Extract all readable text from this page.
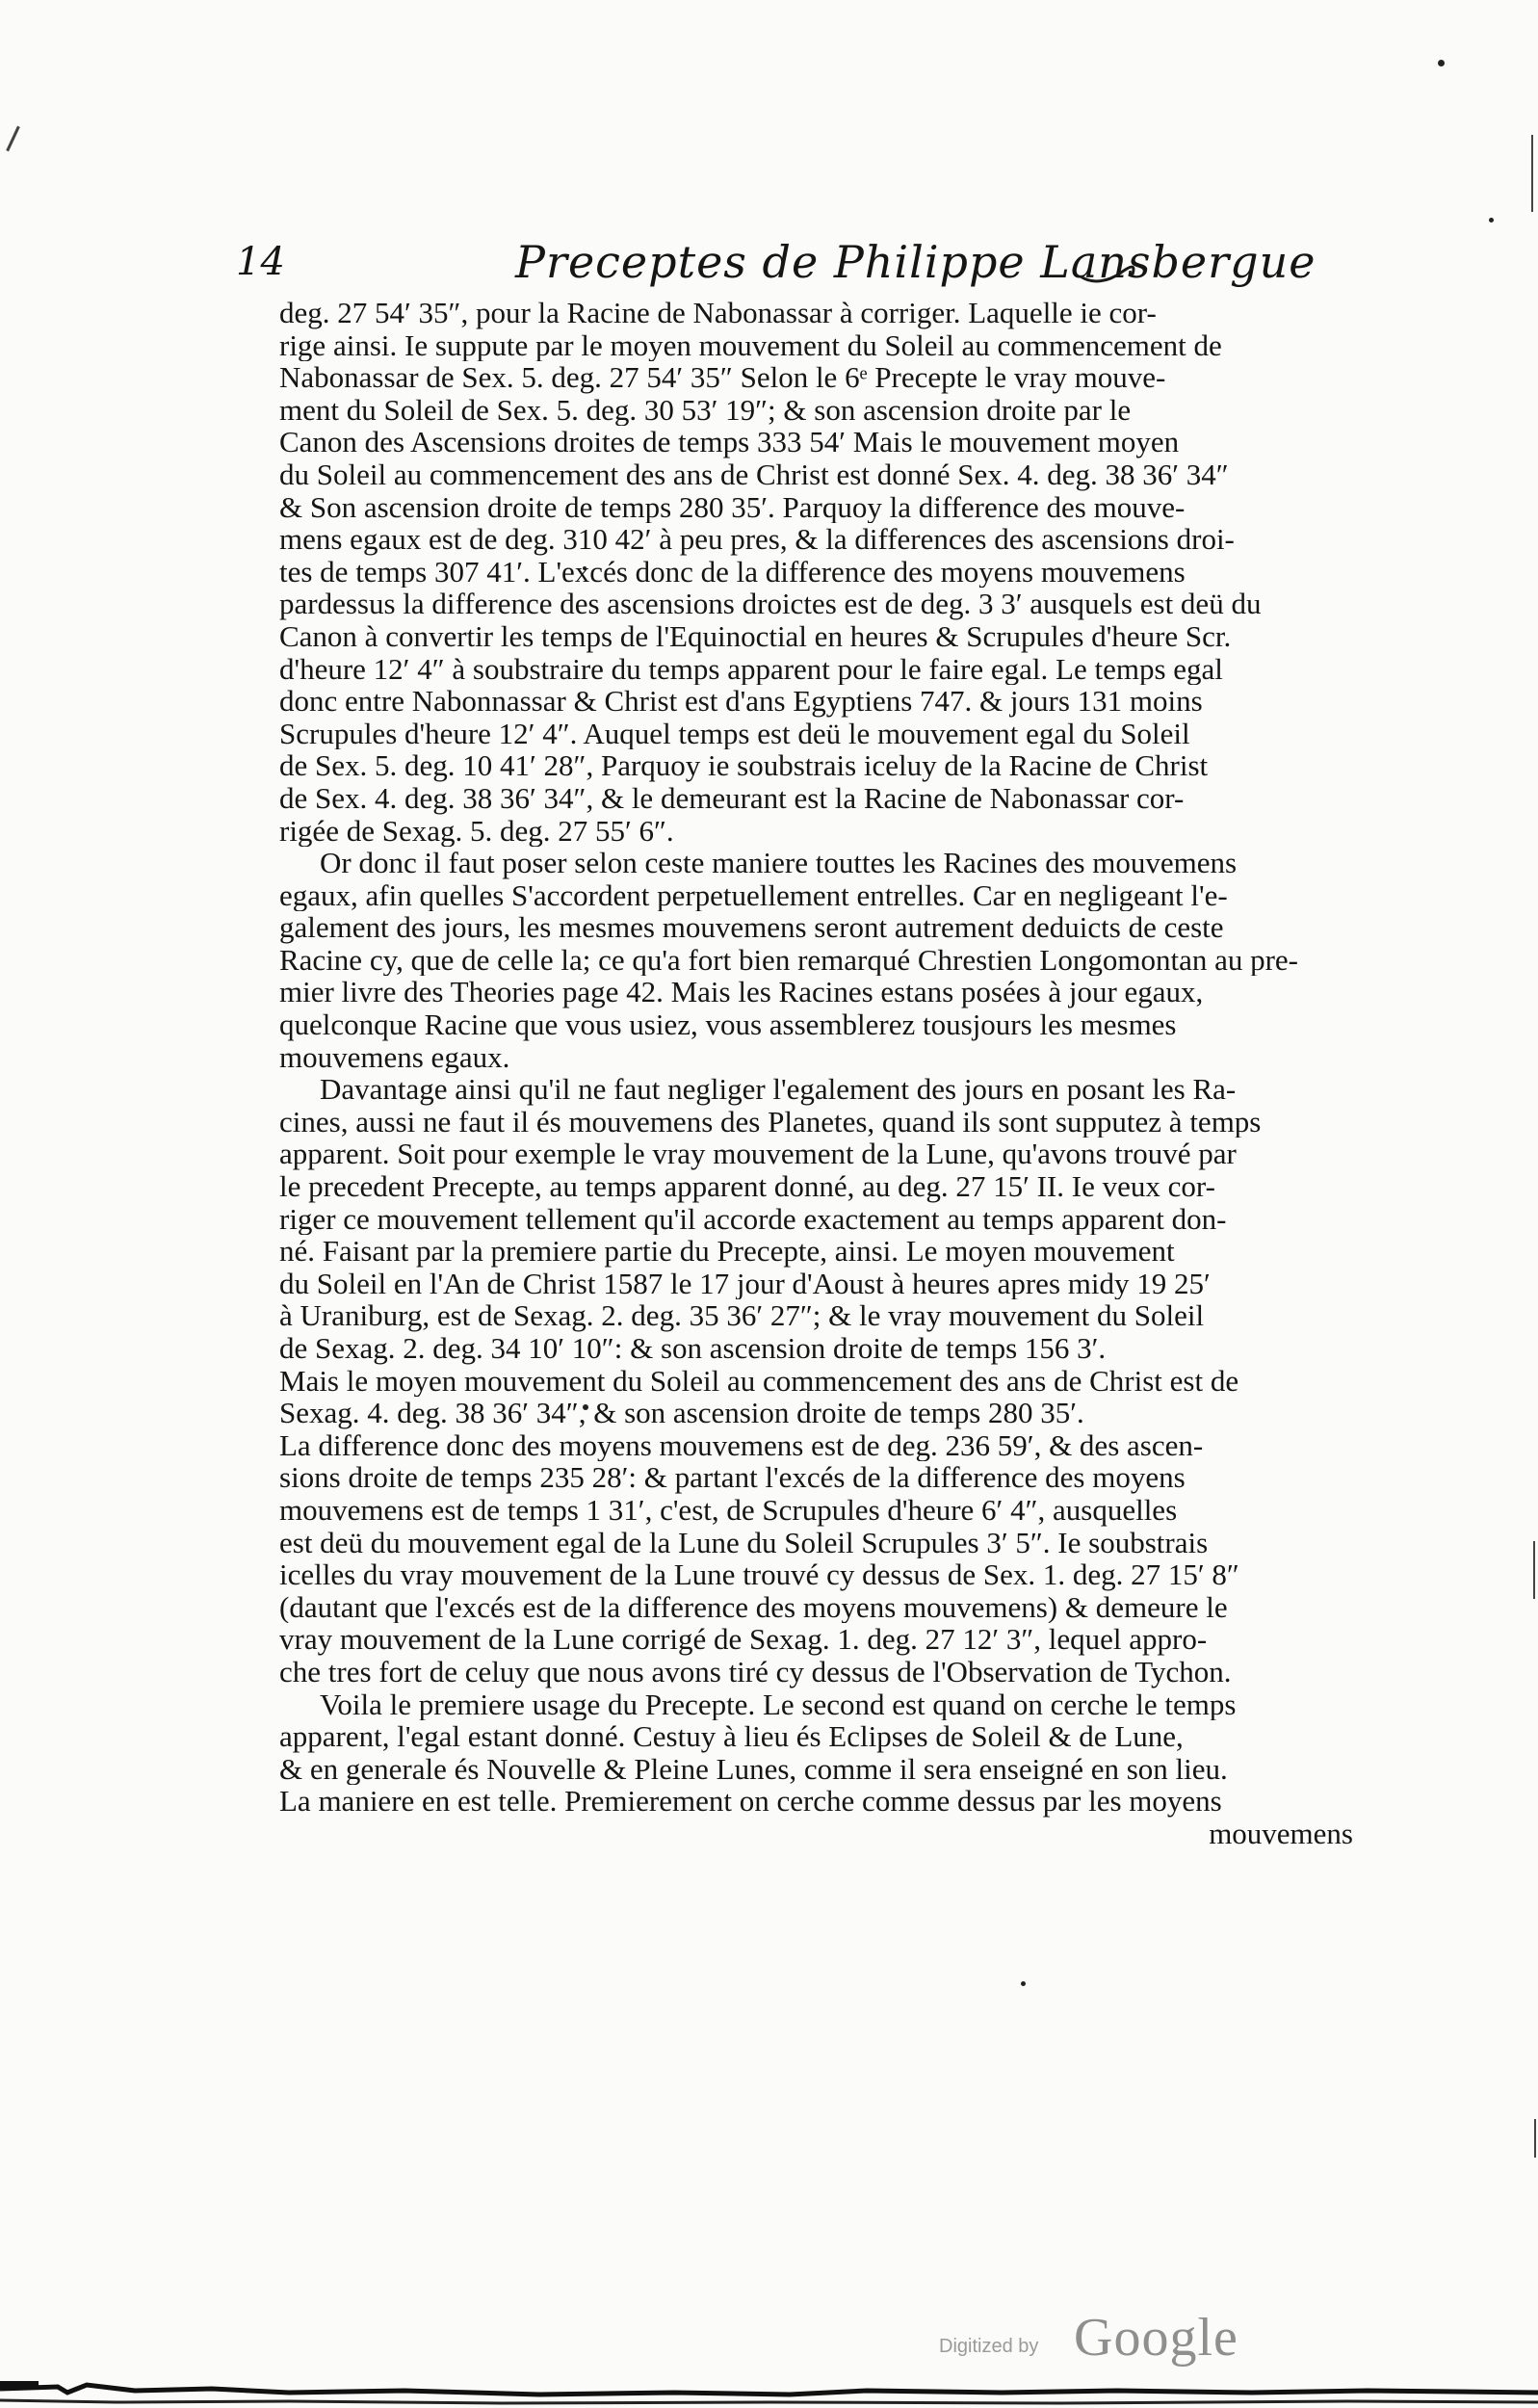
14	Preceptes de Philippe Lansbergue
deg. 27 54′ 35″, pour la Racine de Nabonassar à corriger. Laquelle ie cor-
rige ainsi. Ie suppute par le moyen mouvement du Soleil au commencement de
Nabonassar de Sex. 5. deg. 27 54′ 35″ Selon le 6ᵉ Precepte le vray mouve-
ment du Soleil de Sex. 5. deg. 30 53′ 19″; & son ascension droite par le
Canon des Ascensions droites de temps 333 54′ Mais le mouvement moyen
du Soleil au commencement des ans de Christ est donné Sex. 4. deg. 38 36′ 34″
& Son ascension droite de temps 280 35′. Parquoy la difference des mouve-
mens egaux est de deg. 310 42′ à peu pres, & la differences des ascensions droi-
tes de temps 307 41′. L'excés donc de la difference des moyens mouvemens
pardessus la difference des ascensions droictes est de deg. 3 3′ ausquels est deü du
Canon à convertir les temps de l'Equinoctial en heures & Scrupules d'heure Scr.
d'heure 12′ 4″ à soubstraire du temps apparent pour le faire egal. Le temps egal
donc entre Nabonnassar & Christ est d'ans Egyptiens 747. & jours 131 moins
Scrupules d'heure 12′ 4″. Auquel temps est deü le mouvement egal du Soleil
de Sex. 5. deg. 10 41′ 28″, Parquoy ie soubstrais iceluy de la Racine de Christ
de Sex. 4. deg. 38 36′ 34″, & le demeurant est la Racine de Nabonassar cor-
rigée de Sexag. 5. deg. 27 55′ 6″.
Or donc il faut poser selon ceste maniere touttes les Racines des mouvemens
egaux, afin quelles S'accordent perpetuellement entrelles. Car en negligeant l'e-
galement des jours, les mesmes mouvemens seront autrement deduicts de ceste
Racine cy, que de celle la; ce qu'a fort bien remarqué Chrestien Longomontan au pre-
mier livre des Theories page 42. Mais les Racines estans posées à jour egaux,
quelconque Racine que vous usiez, vous assemblerez tousjours les mesmes
mouvemens egaux.
Davantage ainsi qu'il ne faut negliger l'egalement des jours en posant les Ra-
cines, aussi ne faut il és mouvemens des Planetes, quand ils sont supputez à temps
apparent. Soit pour exemple le vray mouvement de la Lune, qu'avons trouvé par
le precedent Precepte, au temps apparent donné, au deg. 27 15′ II. Ie veux cor-
riger ce mouvement tellement qu'il accorde exactement au temps apparent don-
né. Faisant par la premiere partie du Precepte, ainsi. Le moyen mouvement
du Soleil en l'An de Christ 1587 le 17 jour d'Aoust à heures apres midy 19 25′
à Uraniburg, est de Sexag. 2. deg. 35 36′ 27″; & le vray mouvement du Soleil
de Sexag. 2. deg. 34 10′ 10″: & son ascension droite de temps 156 3′.
Mais le moyen mouvement du Soleil au commencement des ans de Christ est de
Sexag. 4. deg. 38 36′ 34″, & son ascension droite de temps 280 35′.
La difference donc des moyens mouvemens est de deg. 236 59′, & des ascen-
sions droite de temps 235 28′: & partant l'excés de la difference des moyens
mouvemens est de temps 1 31′, c'est, de Scrupules d'heure 6′ 4″, ausquelles
est deü du mouvement egal de la Lune du Soleil Scrupules 3′ 5″. Ie soubstrais
icelles du vray mouvement de la Lune trouvé cy dessus de Sex. 1. deg. 27 15′ 8″
(dautant que l'excés est de la difference des moyens mouvemens) & demeure le
vray mouvement de la Lune corrigé de Sexag. 1. deg. 27 12′ 3″, lequel appro-
che tres fort de celuy que nous avons tiré cy dessus de l'Observation de Tychon.
Voila le premiere usage du Precepte. Le second est quand on cerche le temps
apparent, l'egal estant donné. Cestuy à lieu és Eclipses de Soleil & de Lune,
& en generale és Nouvelle & Pleine Lunes, comme il sera enseigné en son lieu.
La maniere en est telle. Premierement on cerche comme dessus par les moyens
mouvemens
Digitized by Google
